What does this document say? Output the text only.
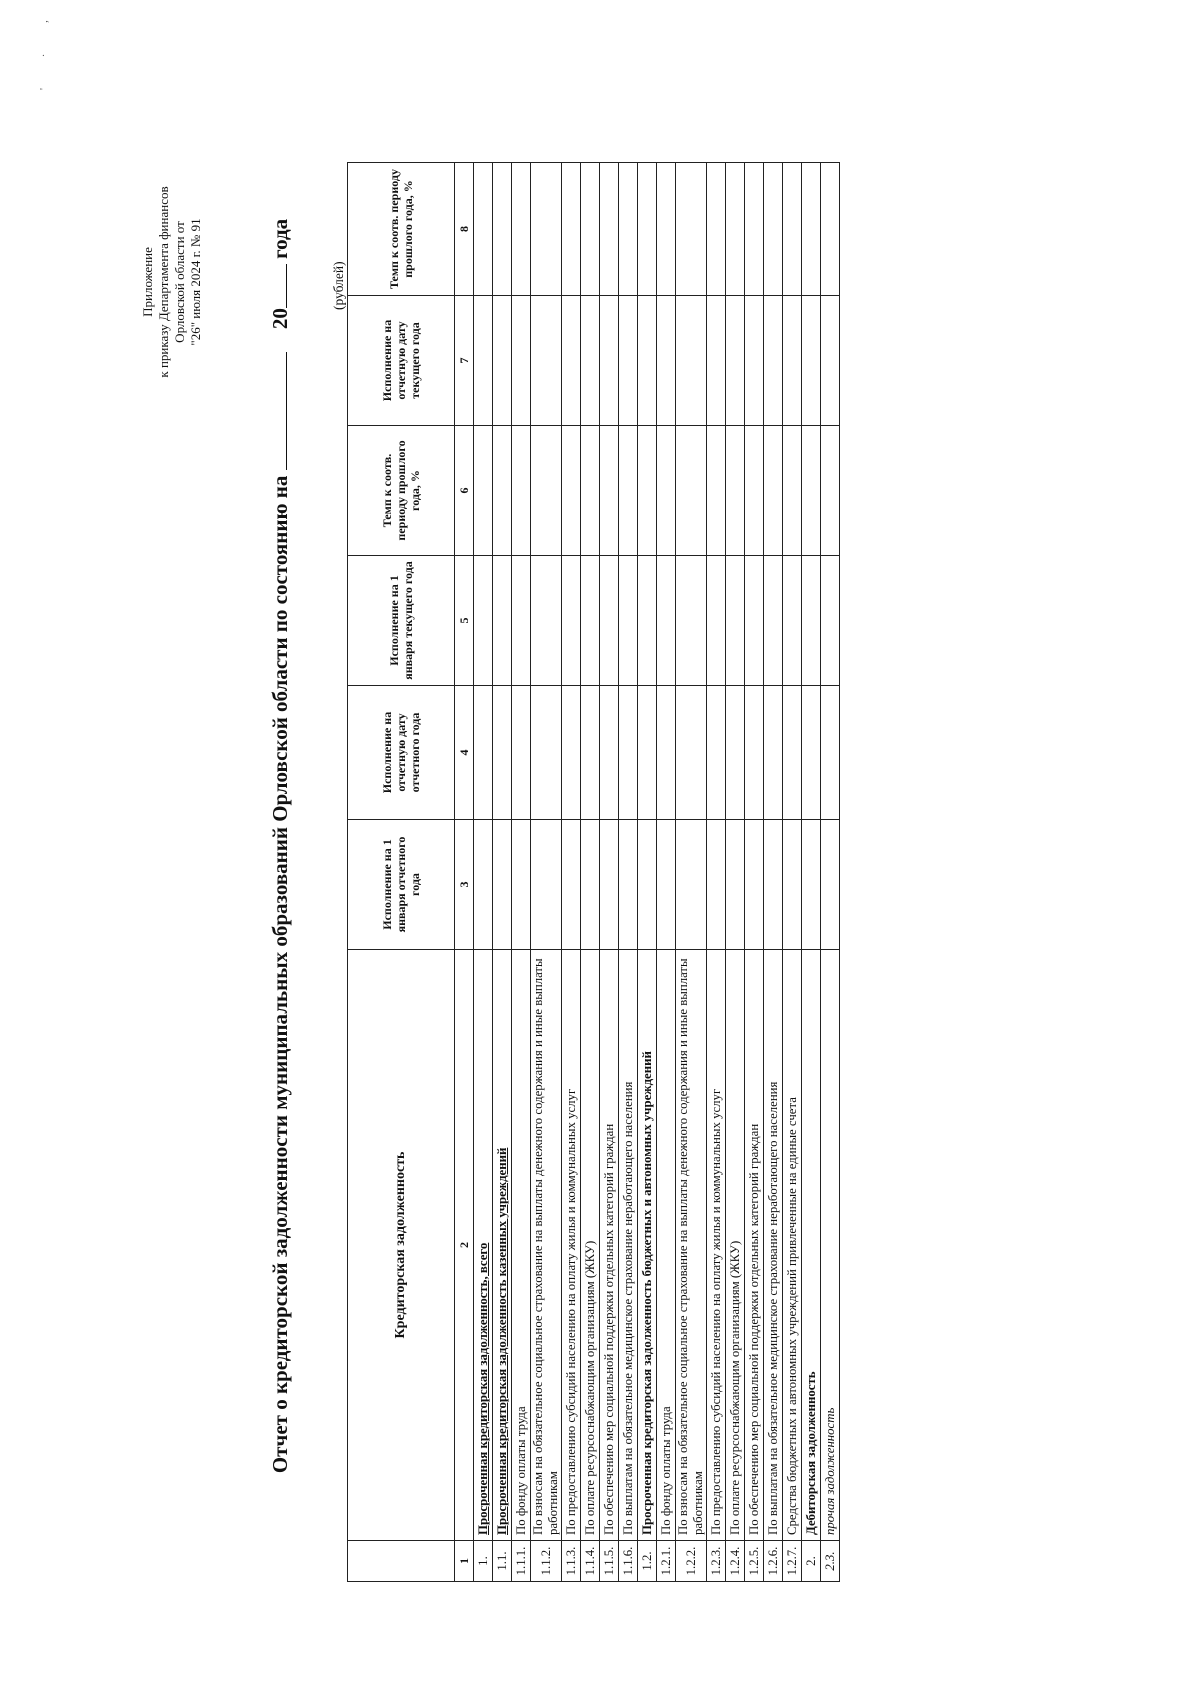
' · ,
Приложение к приказу Департамента финансов Орловской области от "26" июля 2024 г. № 91
Отчет о кредиторской задолженности муниципальных образований Орловской области по состоянию на  20 года
(рублей)
	Кредиторская задолженность	Исполнение на 1 января отчетного года	Исполнение на отчетную дату отчетного года	Исполнение на 1 января текущего года	Темп к соотв. периоду прошлого года, %	Исполнение на отчетную дату текущего года	Темп к соотв. периоду прошлого года, %
1	2	3	4	5	6	7	8
1.	Просроченная кредиторская задолженность, всего						
1.1.	Просроченная кредиторская задолженность казенных учреждений						
1.1.1.	По фонду оплаты труда						
1.1.2.	По взносам на обязательное социальное страхование на выплаты денежного содержания и иные выплаты работникам						
1.1.3.	По предоставлению субсидий населению на оплату жилья и коммунальных услуг						
1.1.4.	По оплате ресурсоснабжающим организациям (ЖКУ)						
1.1.5.	По обеспечению мер социальной поддержки отдельных категорий граждан						
1.1.6.	По выплатам на обязательное медицинское страхование неработающего населения						
1.2.	Просроченная кредиторская задолженность бюджетных и автономных учреждений						
1.2.1.	По фонду оплаты труда						
1.2.2.	По взносам на обязательное социальное страхование на выплаты денежного содержания и иные выплаты работникам						
1.2.3.	По предоставлению субсидий населению на оплату жилья и коммунальных услуг						
1.2.4.	По оплате ресурсоснабжающим организациям (ЖКУ)						
1.2.5.	По обеспечению мер социальной поддержки отдельных категорий граждан						
1.2.6.	По выплатам на обязательное медицинское страхование неработающего населения						
1.2.7.	Средства бюджетных и автономных учреждений привлеченные на единые счета						
2.	Дебиторская задолженность						
2.3.	прочая задолженность						
